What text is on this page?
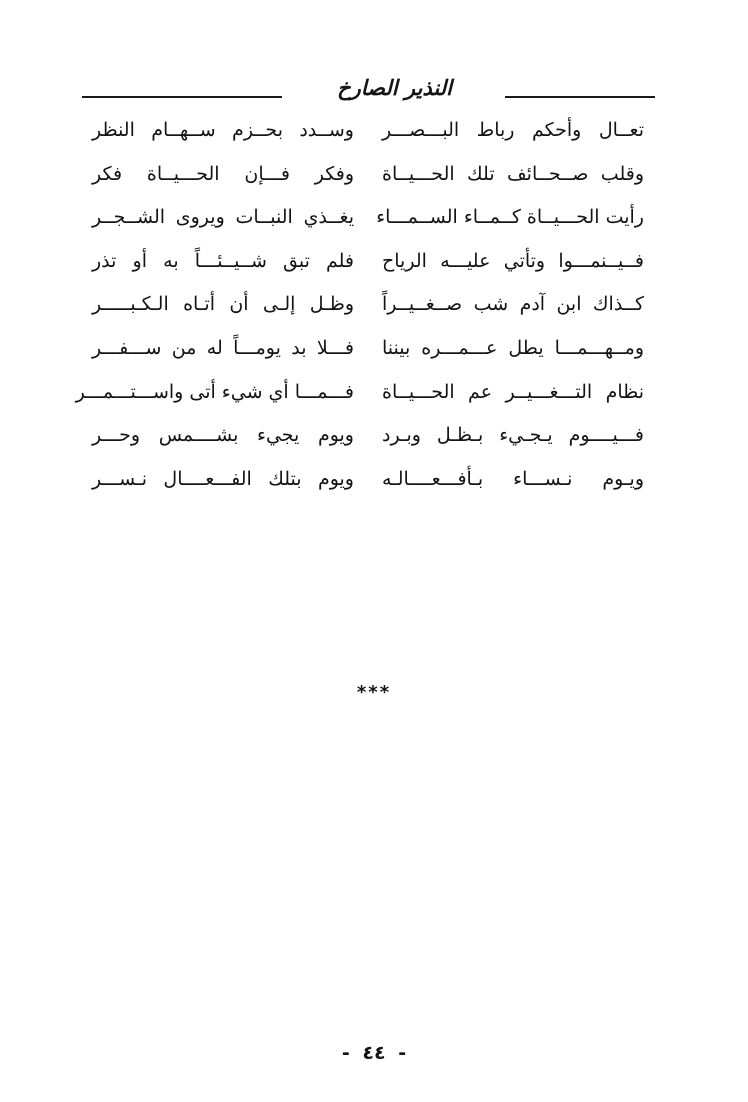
النذير الصارخ
تعــال وأحكم رباط البـــصـــر
وســدد بحــزم ســهــام النظر
وقلب صــحــائف تلك الحـــيــاة
وفكر فـــإن الحـــيــاة فكر
رأيت الحـــيــاة كــمــاء الســمـــاء
يغــذي النبــات ويروى الشــجــر
فــيــنمـــوا وتأتي عليـــه الرياح
فلم تبق شــيــئـــاً به أو تذر
كــذاك ابن آدم شب صــغــيــراً
وظـل إلـى أن أتـاه الـكـبـــــر
ومــهـــمـــا يطل عـــمـــره بيننا
فـــلا بد يومـــاً له من ســـفـــر
نظام التـــغـــيــر عم الحـــيــاة
فـــمـــا أي شيء أتى واســـتـــمـــر
فـــيــــوم يـجـيء بـظـل وبـرد
ويوم يجيء بشــــمس وحـــر
ويـوم نـســـاء بـأفـــعــــالـه
ويوم بتلك الفـــعــــال نـســـر
***
- ٤٤ -
